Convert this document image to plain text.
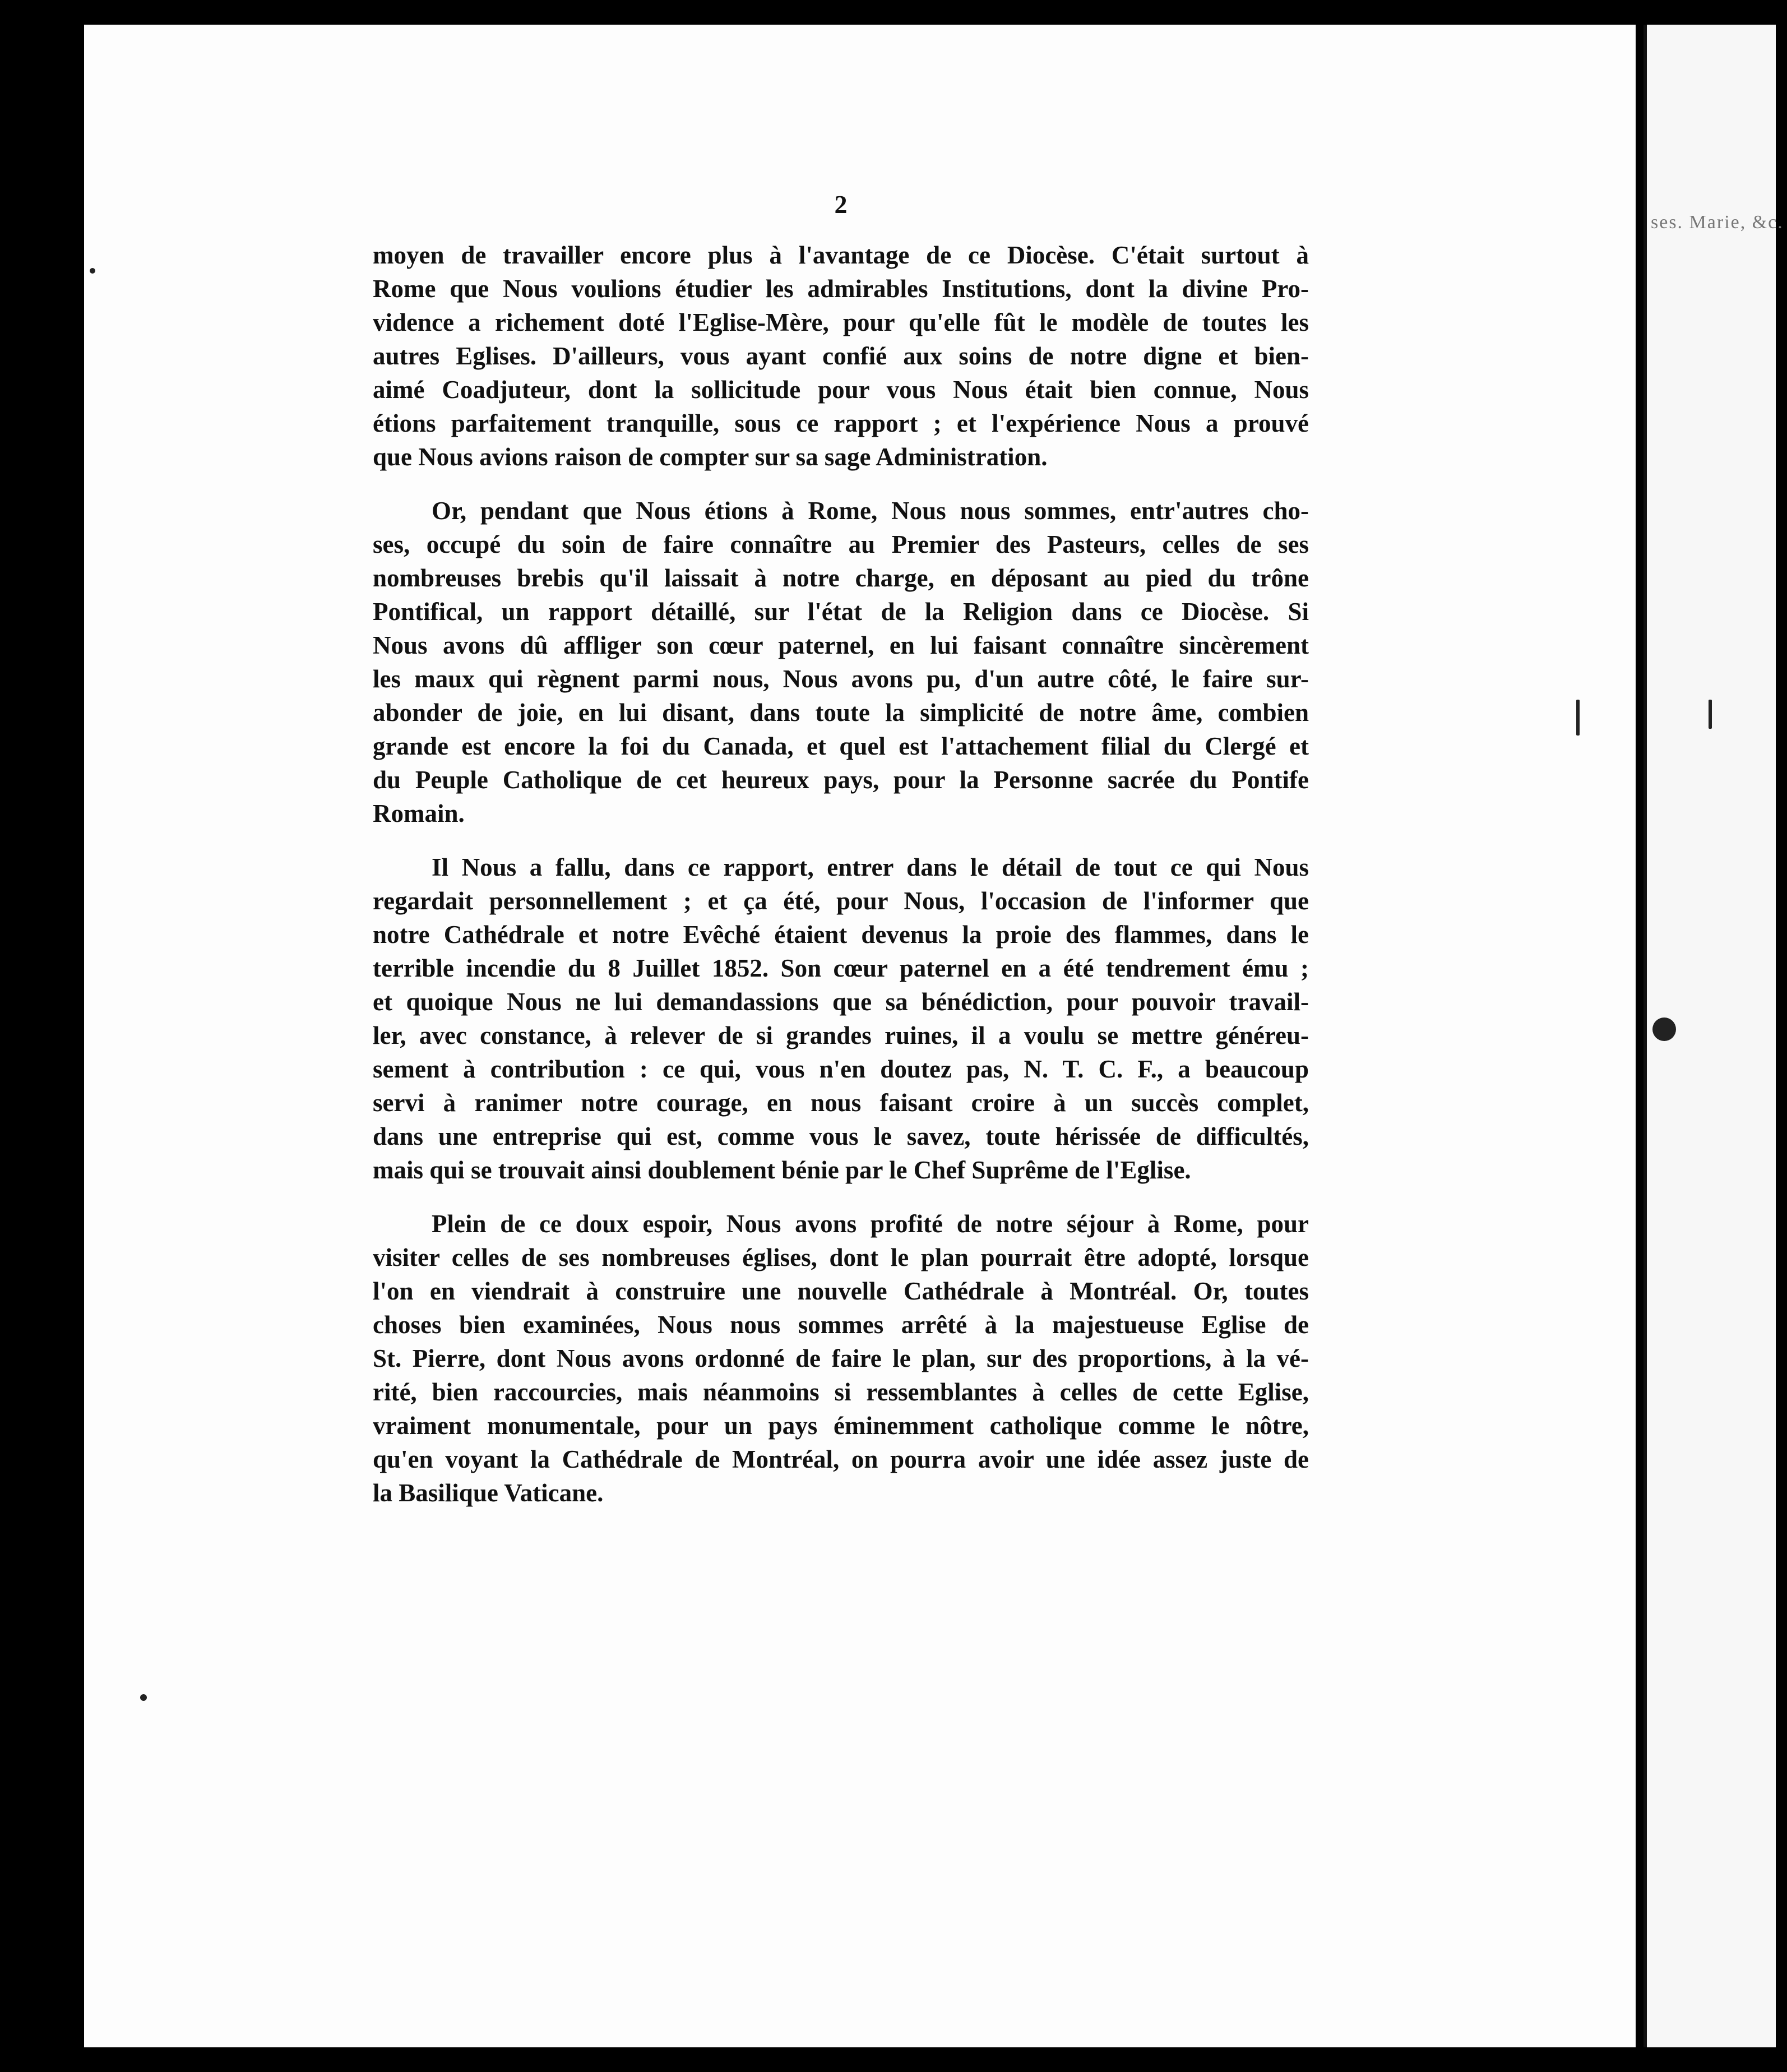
ses. Marie, &c.
2
moyen de travailler encore plus à l'avantage de ce Diocèse. C'était surtout à
Rome que Nous voulions étudier les admirables Institutions, dont la divine Pro-
vidence a richement doté l'Eglise-Mère, pour qu'elle fût le modèle de toutes les
autres Eglises. D'ailleurs, vous ayant confié aux soins de notre digne et bien-
aimé Coadjuteur, dont la sollicitude pour vous Nous était bien connue, Nous
étions parfaitement tranquille, sous ce rapport ; et l'expérience Nous a prouvé
que Nous avions raison de compter sur sa sage Administration.
Or, pendant que Nous étions à Rome, Nous nous sommes, entr'autres cho-
ses, occupé du soin de faire connaître au Premier des Pasteurs, celles de ses
nombreuses brebis qu'il laissait à notre charge, en déposant au pied du trône
Pontifical, un rapport détaillé, sur l'état de la Religion dans ce Diocèse. Si
Nous avons dû affliger son cœur paternel, en lui faisant connaître sincèrement
les maux qui règnent parmi nous, Nous avons pu, d'un autre côté, le faire sur-
abonder de joie, en lui disant, dans toute la simplicité de notre âme, combien
grande est encore la foi du Canada, et quel est l'attachement filial du Clergé et
du Peuple Catholique de cet heureux pays, pour la Personne sacrée du Pontife
Romain.
Il Nous a fallu, dans ce rapport, entrer dans le détail de tout ce qui Nous
regardait personnellement ; et ça été, pour Nous, l'occasion de l'informer que
notre Cathédrale et notre Evêché étaient devenus la proie des flammes, dans le
terrible incendie du 8 Juillet 1852. Son cœur paternel en a été tendrement ému ;
et quoique Nous ne lui demandassions que sa bénédiction, pour pouvoir travail-
ler, avec constance, à relever de si grandes ruines, il a voulu se mettre généreu-
sement à contribution : ce qui, vous n'en doutez pas, N. T. C. F., a beaucoup
servi à ranimer notre courage, en nous faisant croire à un succès complet,
dans une entreprise qui est, comme vous le savez, toute hérissée de difficultés,
mais qui se trouvait ainsi doublement bénie par le Chef Suprême de l'Eglise.
Plein de ce doux espoir, Nous avons profité de notre séjour à Rome, pour
visiter celles de ses nombreuses églises, dont le plan pourrait être adopté, lorsque
l'on en viendrait à construire une nouvelle Cathédrale à Montréal. Or, toutes
choses bien examinées, Nous nous sommes arrêté à la majestueuse Eglise de
St. Pierre, dont Nous avons ordonné de faire le plan, sur des proportions, à la vé-
rité, bien raccourcies, mais néanmoins si ressemblantes à celles de cette Eglise,
vraiment monumentale, pour un pays éminemment catholique comme le nôtre,
qu'en voyant la Cathédrale de Montréal, on pourra avoir une idée assez juste de
la Basilique Vaticane.
